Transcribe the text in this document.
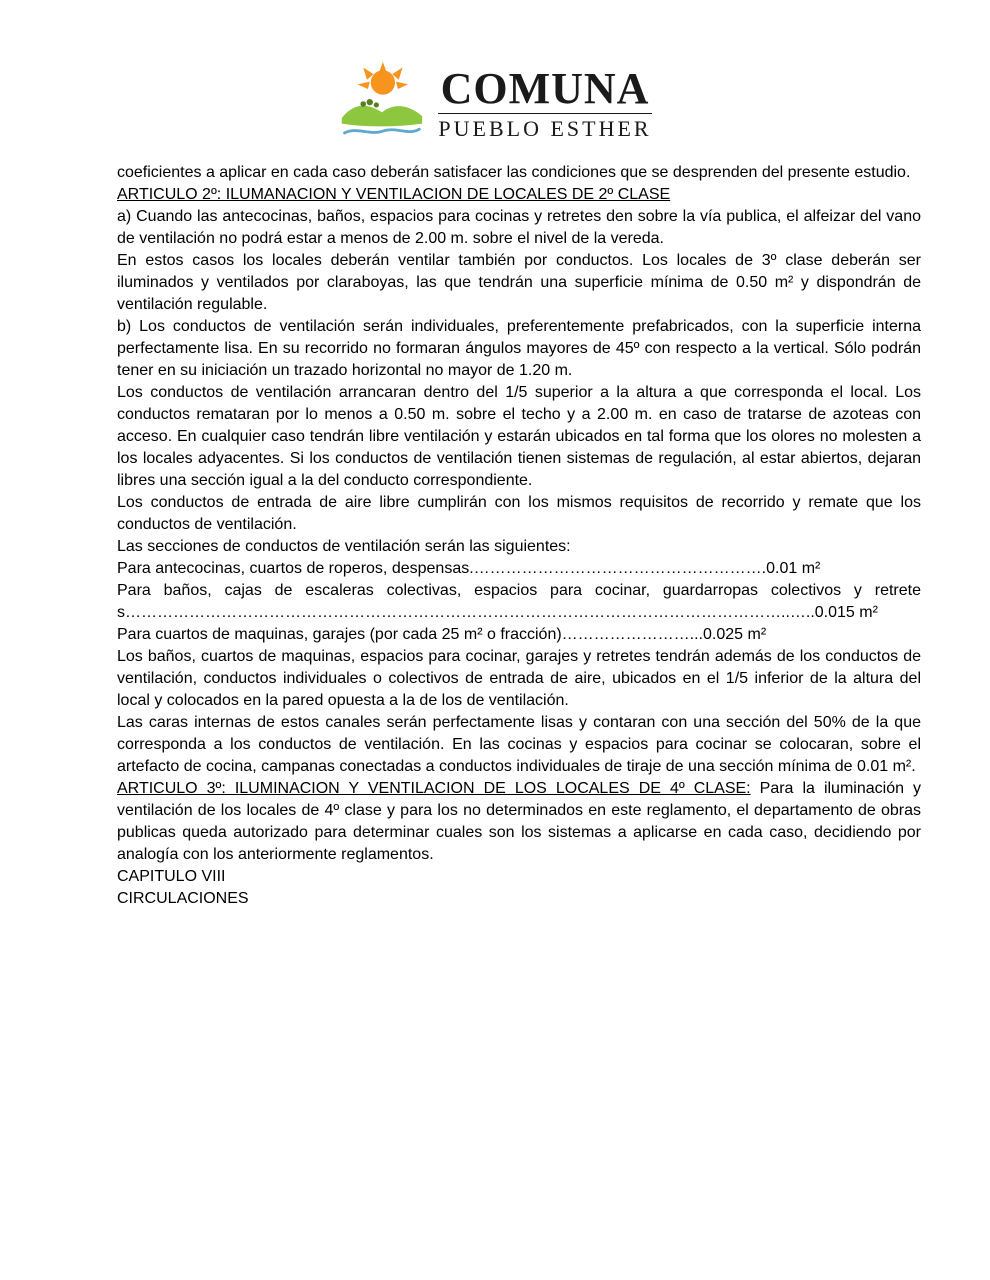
COMUNA
PUEBLO ESTHER

coeficientes a aplicar en cada caso deberán satisfacer las condiciones que se desprenden del presente estudio.

ARTICULO 2º: ILUMANACION Y VENTILACION DE LOCALES DE 2º CLASE

a) Cuando las antecocinas, baños, espacios para cocinas y retretes den sobre la vía publica, el alfeizar del vano de ventilación no podrá estar a menos de 2.00 m. sobre el nivel de la vereda.

En estos casos los locales deberán ventilar también por conductos. Los locales de 3º clase deberán ser iluminados y ventilados por claraboyas, las que tendrán una superficie mínima de 0.50 m² y dispondrán de ventilación regulable.

b) Los conductos de ventilación serán individuales, preferentemente prefabricados, con la superficie interna perfectamente lisa. En su recorrido no formaran ángulos mayores de 45º con respecto a la vertical. Sólo podrán tener en su iniciación un trazado horizontal no mayor de 1.20 m.

Los conductos de ventilación arrancaran dentro del 1/5 superior a la altura a que corresponda el local. Los conductos remataran por lo menos a 0.50 m. sobre el techo y a 2.00 m. en caso de tratarse de azoteas con acceso. En cualquier caso tendrán libre ventilación y estarán ubicados en tal forma que los olores no molesten a los locales adyacentes. Si los conductos de ventilación tienen sistemas de regulación, al estar abiertos, dejaran libres una sección igual a la del conducto correspondiente.

Los conductos de entrada de aire libre cumplirán con los mismos requisitos de recorrido y remate que los conductos de ventilación.

Las secciones de conductos de ventilación serán las siguientes:

Para antecocinas, cuartos de roperos, despensas.……………………………………………….0.01 m²

Para baños, cajas de escaleras colectivas, espacios para cocinar, guardarropas colectivos y retretes……………………………………………………………………………………………………………..…..0.015 m²

Para cuartos de maquinas, garajes (por cada 25 m² o fracción)……………………...0.025 m²

Los baños, cuartos de maquinas, espacios para cocinar, garajes y retretes tendrán además de los conductos de ventilación, conductos individuales o colectivos de entrada de aire, ubicados en el 1/5 inferior de la altura del local y colocados en la pared opuesta a la de los de ventilación.

Las caras internas de estos canales serán perfectamente lisas y contaran con una sección del 50% de la que corresponda a los conductos de ventilación. En las cocinas y espacios para cocinar se colocaran, sobre el artefacto de cocina, campanas conectadas a conductos individuales de tiraje de una sección mínima de 0.01 m².

ARTICULO 3º: ILUMINACION Y VENTILACION DE LOS LOCALES DE 4º CLASE: Para la iluminación y ventilación de los locales de 4º clase y para los no determinados en este reglamento, el departamento de obras publicas queda autorizado para determinar cuales son los sistemas a aplicarse en cada caso, decidiendo por analogía con los anteriormente reglamentos.

CAPITULO VIII

CIRCULACIONES
